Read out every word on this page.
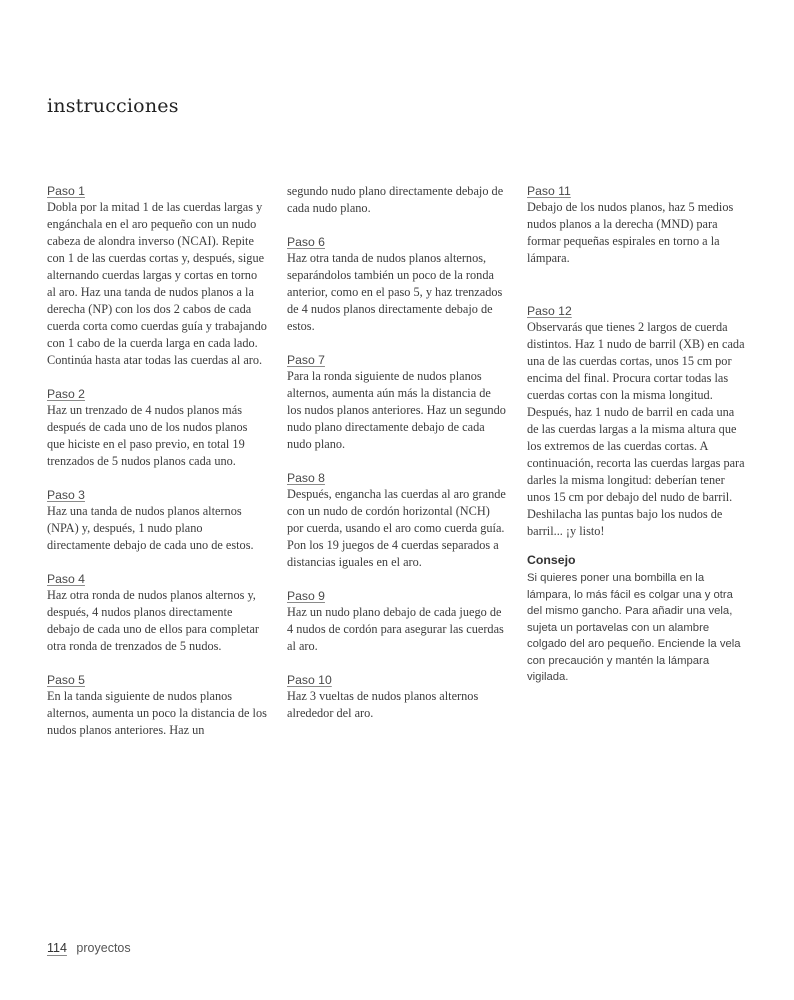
instrucciones
Paso 1

Dobla por la mitad 1 de las cuerdas largas y engánchala en el aro pequeño con un nudo cabeza de alondra inverso (NCAI). Repite con 1 de las cuerdas cortas y, después, sigue alternando cuerdas largas y cortas en torno al aro. Haz una tanda de nudos planos a la derecha (NP) con los dos 2 cabos de cada cuerda corta como cuerdas guía y trabajando con 1 cabo de la cuerda larga en cada lado. Continúa hasta atar todas las cuerdas al aro.

Paso 2

Haz un trenzado de 4 nudos planos más después de cada uno de los nudos planos que hiciste en el paso previo, en total 19 trenzados de 5 nudos planos cada uno.

Paso 3

Haz una tanda de nudos planos alternos (NPA) y, después, 1 nudo plano directamente debajo de cada uno de estos.

Paso 4

Haz otra ronda de nudos planos alternos y, después, 4 nudos planos directamente debajo de cada uno de ellos para completar otra ronda de trenzados de 5 nudos.

Paso 5

En la tanda siguiente de nudos planos alternos, aumenta un poco la distancia de los nudos planos anteriores. Haz un

segundo nudo plano directamente debajo de cada nudo plano.

Paso 6

Haz otra tanda de nudos planos alternos, separándolos también un poco de la ronda anterior, como en el paso 5, y haz trenzados de 4 nudos planos directamente debajo de estos.

Paso 7

Para la ronda siguiente de nudos planos alternos, aumenta aún más la distancia de los nudos planos anteriores. Haz un segundo nudo plano directamente debajo de cada nudo plano.

Paso 8

Después, engancha las cuerdas al aro grande con un nudo de cordón horizontal (NCH) por cuerda, usando el aro como cuerda guía. Pon los 19 juegos de 4 cuerdas separados a distancias iguales en el aro.

Paso 9

Haz un nudo plano debajo de cada juego de 4 nudos de cordón para asegurar las cuerdas al aro.

Paso 10

Haz 3 vueltas de nudos planos alternos alrededor del aro.

Paso 11

Debajo de los nudos planos, haz 5 medios nudos planos a la derecha (MND) para formar pequeñas espirales en torno a la lámpara.

Paso 12

Observarás que tienes 2 largos de cuerda distintos. Haz 1 nudo de barril (XB) en cada una de las cuerdas cortas, unos 15 cm por encima del final. Procura cortar todas las cuerdas cortas con la misma longitud. Después, haz 1 nudo de barril en cada una de las cuerdas largas a la misma altura que los extremos de las cuerdas cortas. A continuación, recorta las cuerdas largas para darles la misma longitud: deberían tener unos 15 cm por debajo del nudo de barril. Deshilacha las puntas bajo los nudos de barril... ¡y listo!

Consejo

Si quieres poner una bombilla en la lámpara, lo más fácil es colgar una y otra del mismo gancho. Para añadir una vela, sujeta un portavelas con un alambre colgado del aro pequeño. Enciende la vela con precaución y mantén la lámpara vigilada.

114 proyectos
